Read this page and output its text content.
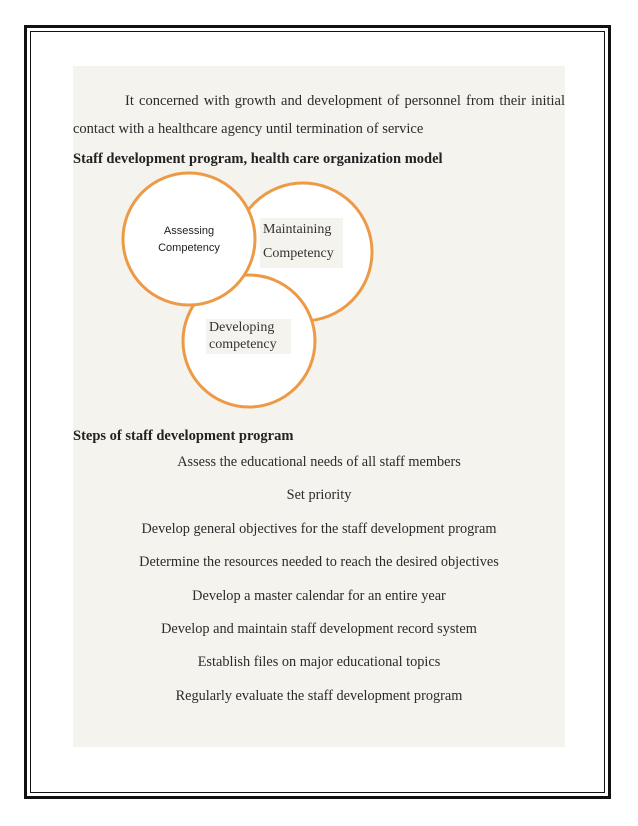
It concerned with growth and development of personnel from their initial contact with a healthcare agency until termination of service

Staff development program, health care organization model
Assessing
Competency
Maintaining
Competency
Developing
competency
Steps of staff development program
Assess the educational needs of all staff members
Set priority
Develop general objectives for the staff development program
Determine the resources needed to reach the desired objectives
Develop a master calendar for an entire year
Develop and maintain staff development record system
Establish files on major educational topics
Regularly evaluate the staff development program
